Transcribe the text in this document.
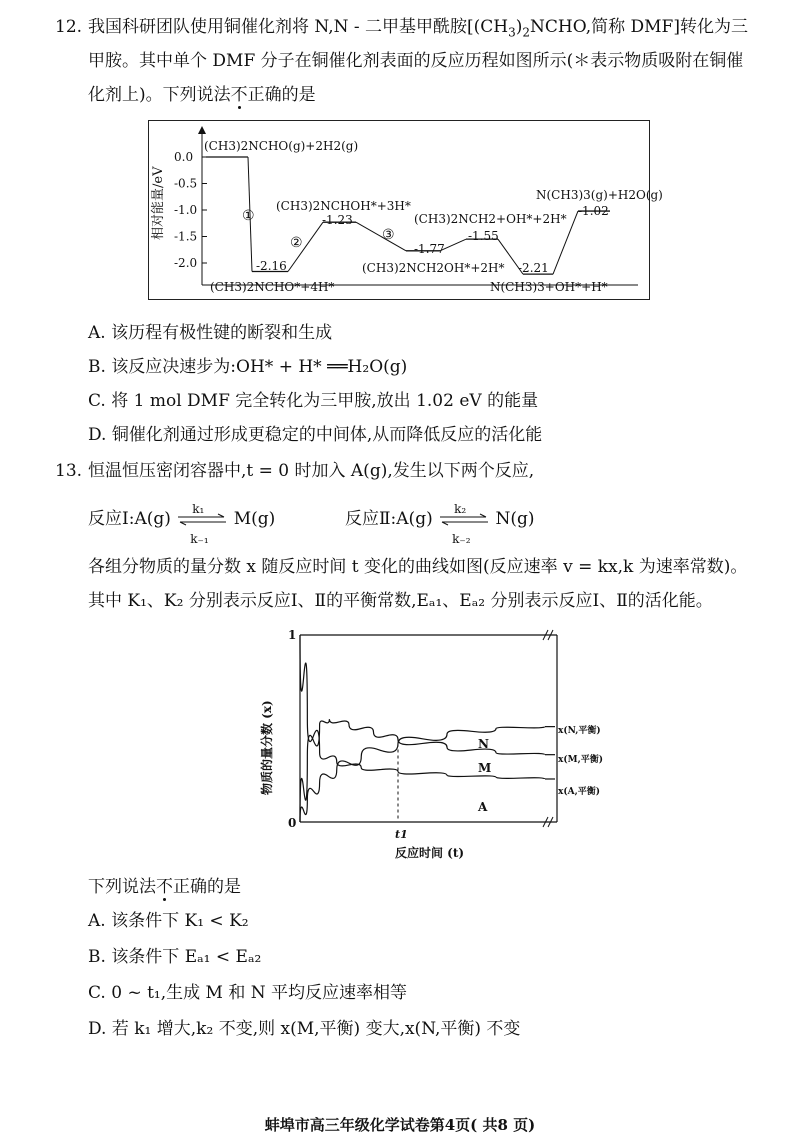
12. 我国科研团队使用铜催化剂将 N,N - 二甲基甲酰胺[$(CH_3)_2NCHO$,简称 DMF]转化为三
甲胺。其中单个 DMF 分子在铜催化剂表面的反应历程如图所示(＊表示物质吸附在铜催
化剂上)。下列说法不正确的是
相对能量/eV
0.0
-0.5
-1.0
-1.5
-2.0
(CH3)2NCHO(g)+2H2(g)
(CH3)2NCHO*+4H*
-2.16
(CH3)2NCHOH*+3H*
-1.23
(CH3)2NCH2OH*+2H*
-1.77
(CH3)2NCH2+OH*+2H*
-1.55
N(CH3)3+OH*+H*
-2.21
N(CH3)3(g)+H2O(g)
-1.02
①
②	③
A. 该历程有极性键的断裂和生成
B. 该反应决速步为:OH* + H* ══H₂O(g)
C. 将 1 mol DMF 完全转化为三甲胺,放出 1.02 eV 的能量
D. 铜催化剂通过形成更稳定的中间体,从而降低反应的活化能
13. 恒温恒压密闭容器中,t = 0 时加入 A(g),发生以下两个反应,
反应Ⅰ:A(g)
k₁
k₋₁
M(g)	反应Ⅱ:A(g)
k₂
k₋₂
N(g)
各组分物质的量分数 x 随反应时间 t 变化的曲线如图(反应速率 v = kx,k 为速率常数)。
其中 K₁、K₂ 分别表示反应Ⅰ、Ⅱ的平衡常数,Eₐ₁、Eₐ₂ 分别表示反应Ⅰ、Ⅱ的活化能。
物质的量分数 (x)
反应时间 (t)
1
0
t1
N
M
A
x(N,平衡)
x(M,平衡)
x(A,平衡)
下列说法不正确的是
A. 该条件下 K₁ < K₂
B. 该条件下 Eₐ₁ < Eₐ₂
C. 0 ~ t₁,生成 M 和 N 平均反应速率相等
D. 若 k₁ 增大,k₂ 不变,则 x(M,平衡) 变大,x(N,平衡) 不变
蚌埠市高三年级化学试卷第4页( 共8 页)
